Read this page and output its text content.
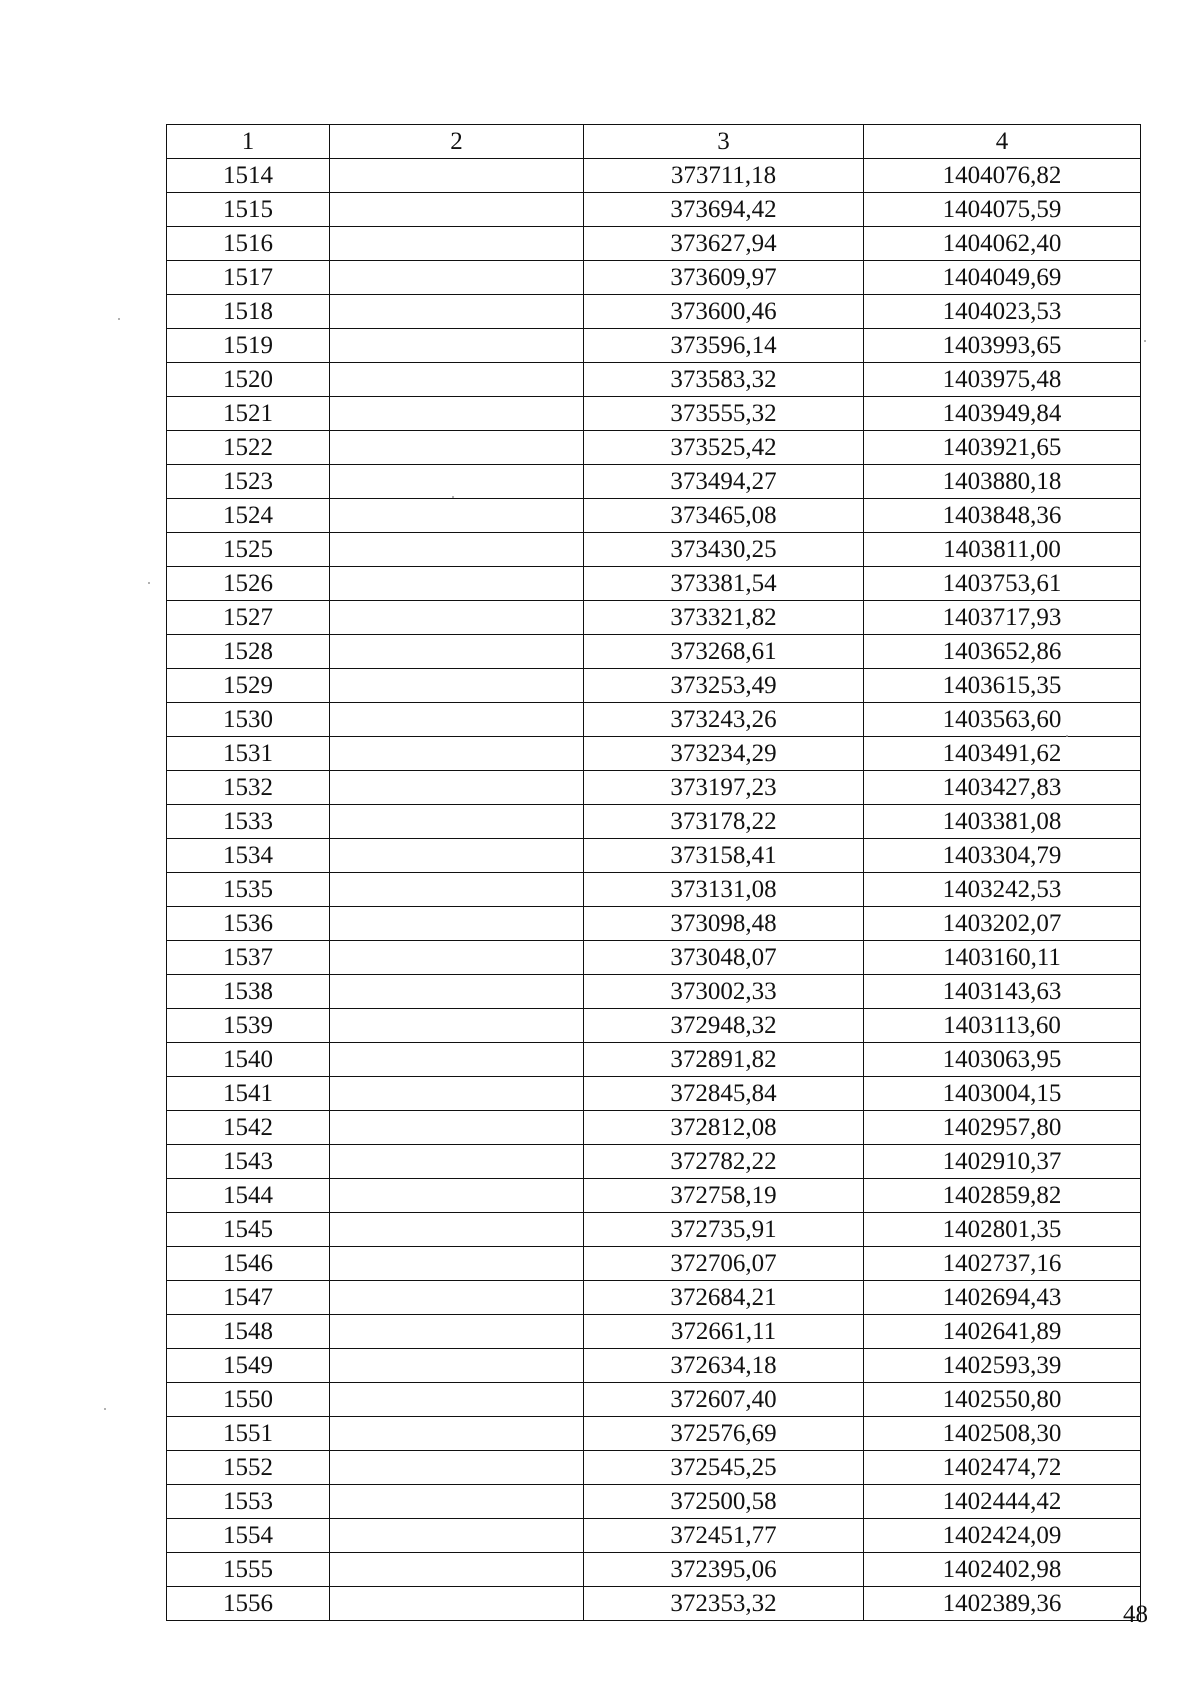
1	2	3	4
1514		373711,18	1404076,82
1515		373694,42	1404075,59
1516		373627,94	1404062,40
1517		373609,97	1404049,69
1518		373600,46	1404023,53
1519		373596,14	1403993,65
1520		373583,32	1403975,48
1521		373555,32	1403949,84
1522		373525,42	1403921,65
1523		373494,27	1403880,18
1524		373465,08	1403848,36
1525		373430,25	1403811,00
1526		373381,54	1403753,61
1527		373321,82	1403717,93
1528		373268,61	1403652,86
1529		373253,49	1403615,35
1530		373243,26	1403563,60
1531		373234,29	1403491,62
1532		373197,23	1403427,83
1533		373178,22	1403381,08
1534		373158,41	1403304,79
1535		373131,08	1403242,53
1536		373098,48	1403202,07
1537		373048,07	1403160,11
1538		373002,33	1403143,63
1539		372948,32	1403113,60
1540		372891,82	1403063,95
1541		372845,84	1403004,15
1542		372812,08	1402957,80
1543		372782,22	1402910,37
1544		372758,19	1402859,82
1545		372735,91	1402801,35
1546		372706,07	1402737,16
1547		372684,21	1402694,43
1548		372661,11	1402641,89
1549		372634,18	1402593,39
1550		372607,40	1402550,80
1551		372576,69	1402508,30
1552		372545,25	1402474,72
1553		372500,58	1402444,42
1554		372451,77	1402424,09
1555		372395,06	1402402,98
1556		372353,32	1402389,36	48
